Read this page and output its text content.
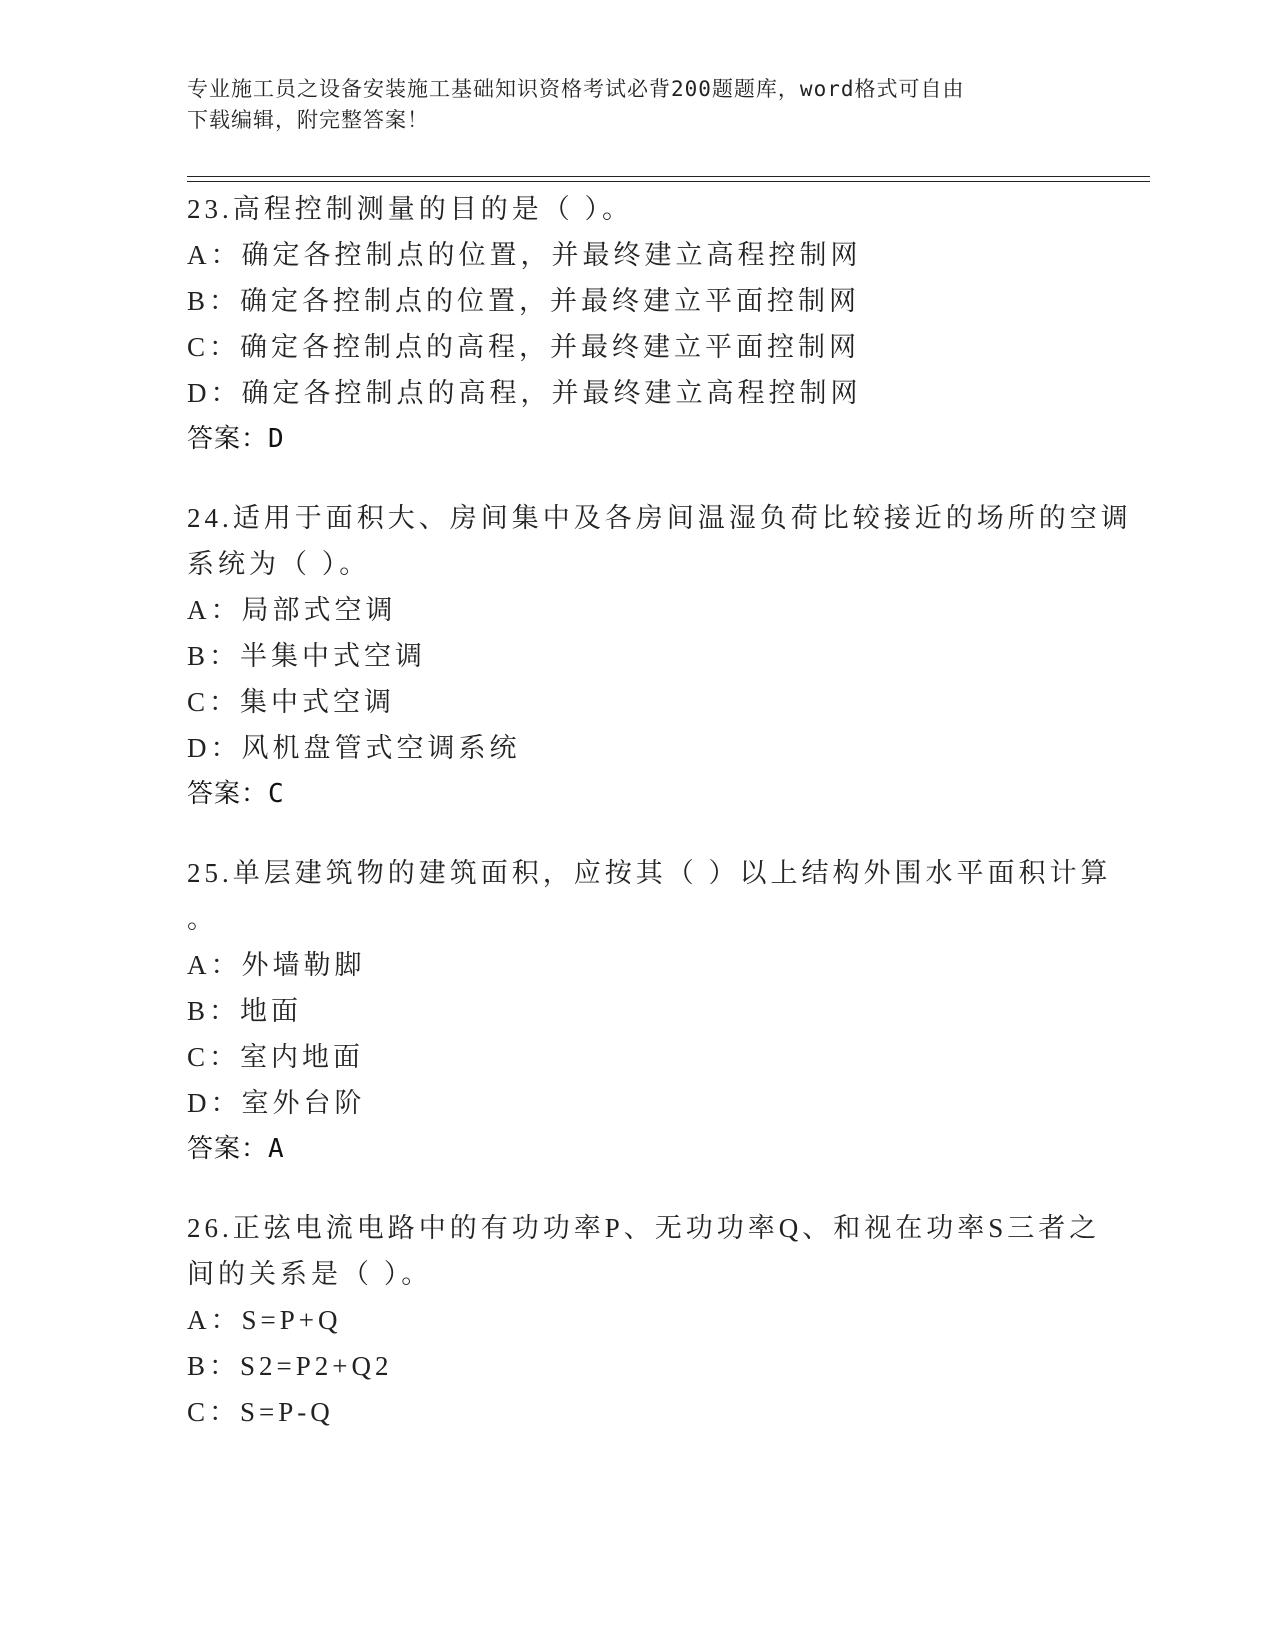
专业施工员之设备安装施工基础知识资格考试必背200题题库，word格式可自由

下载编辑，附完整答案！

23.高程控制测量的目的是（ ）。
A：确定各控制点的位置，并最终建立高程控制网
B：确定各控制点的位置，并最终建立平面控制网
C：确定各控制点的高程，并最终建立平面控制网
D：确定各控制点的高程，并最终建立高程控制网
答案：D
24.适用于面积大、房间集中及各房间温湿负荷比较接近的场所的空调
系统为（ ）。
A：局部式空调
B：半集中式空调
C：集中式空调
D：风机盘管式空调系统
答案：C
25.单层建筑物的建筑面积，应按其（ ）以上结构外围水平面积计算
。
A：外墙勒脚
B：地面
C：室内地面
D：室外台阶
答案：A
26.正弦电流电路中的有功功率P、无功功率Q、和视在功率S三者之
间的关系是（ ）。
A：S=P+Q
B：S2=P2+Q2
C：S=P-Q
